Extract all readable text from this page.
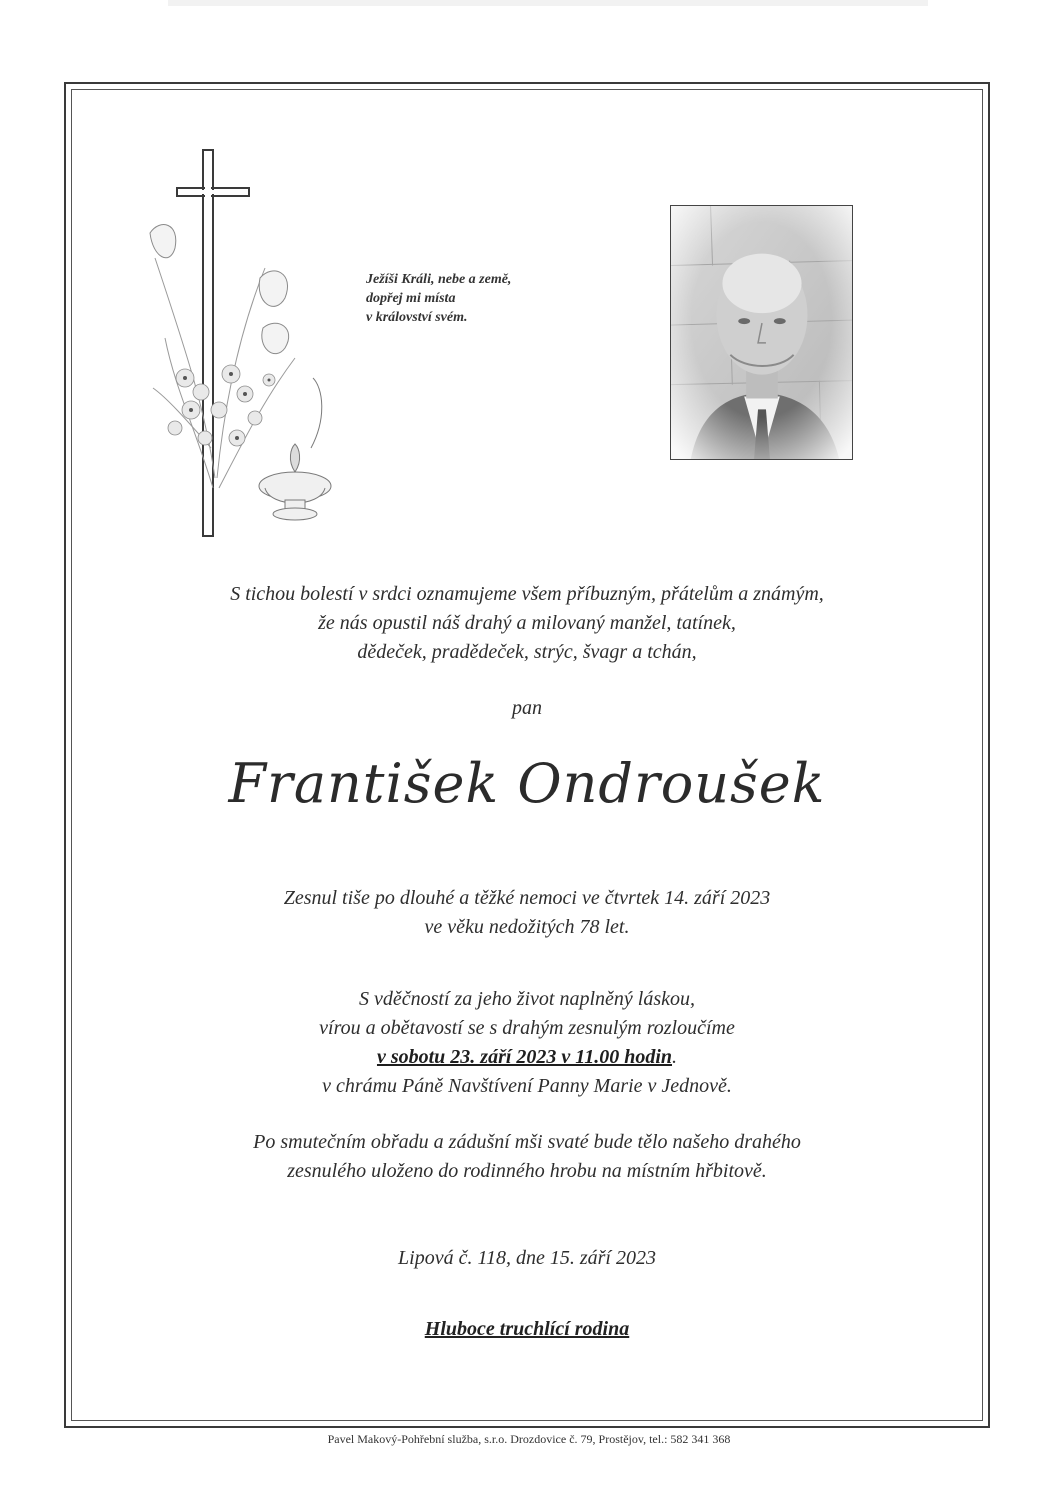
Ježíši Králi, nebe a země,
dopřej mi místa
v království svém.
S tichou bolestí v srdci oznamujeme všem příbuzným, přátelům a známým,
že nás opustil náš drahý a milovaný manžel, tatínek,
dědeček, pradědeček, strýc, švagr a tchán,
pan
František Ondroušek
Zesnul tiše po dlouhé a těžké nemoci ve čtvrtek 14. září 2023
ve věku nedožitých 78 let.
S vděčností za jeho život naplněný láskou,
vírou a obětavostí se s drahým zesnulým rozloučíme
v sobotu 23. září 2023 v 11.00 hodin.
v chrámu Páně Navštívení Panny Marie v Jednově.
Po smutečním obřadu a zádušní mši svaté bude tělo našeho drahého
zesnulého uloženo do rodinného hrobu na místním hřbitově.
Lipová č. 118, dne 15. září 2023
Hluboce truchlící rodina
Pavel Makový-Pohřební služba, s.r.o. Drozdovice č. 79, Prostějov, tel.: 582 341 368
